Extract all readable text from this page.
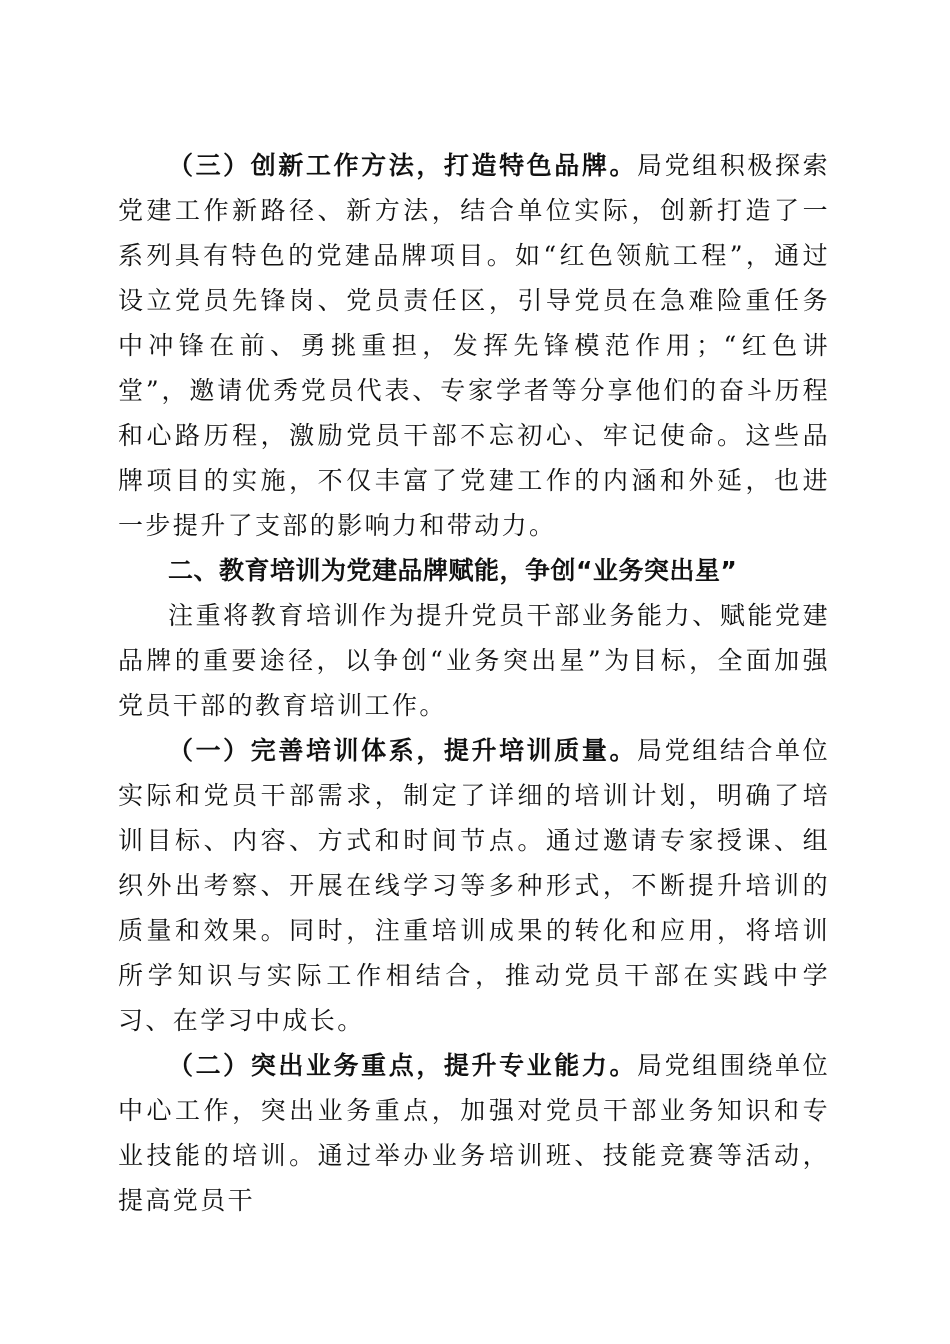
（三）创新工作方法，打造特色品牌。局党组积极探索党建工作新路径、新方法，结合单位实际，创新打造了一系列具有特色的党建品牌项目。如“红色领航工程”，通过设立党员先锋岗、党员责任区，引导党员在急难险重任务中冲锋在前、勇挑重担，发挥先锋模范作用；“红色讲堂”，邀请优秀党员代表、专家学者等分享他们的奋斗历程和心路历程，激励党员干部不忘初心、牢记使命。这些品牌项目的实施，不仅丰富了党建工作的内涵和外延，也进一步提升了支部的影响力和带动力。

二、教育培训为党建品牌赋能，争创“业务突出星”

注重将教育培训作为提升党员干部业务能力、赋能党建品牌的重要途径，以争创“业务突出星”为目标，全面加强党员干部的教育培训工作。

（一）完善培训体系，提升培训质量。局党组结合单位实际和党员干部需求，制定了详细的培训计划，明确了培训目标、内容、方式和时间节点。通过邀请专家授课、组织外出考察、开展在线学习等多种形式，不断提升培训的质量和效果。同时，注重培训成果的转化和应用，将培训所学知识与实际工作相结合，推动党员干部在实践中学习、在学习中成长。

（二）突出业务重点，提升专业能力。局党组围绕单位中心工作，突出业务重点，加强对党员干部业务知识和专业技能的培训。通过举办业务培训班、技能竞赛等活动，提高党员干
